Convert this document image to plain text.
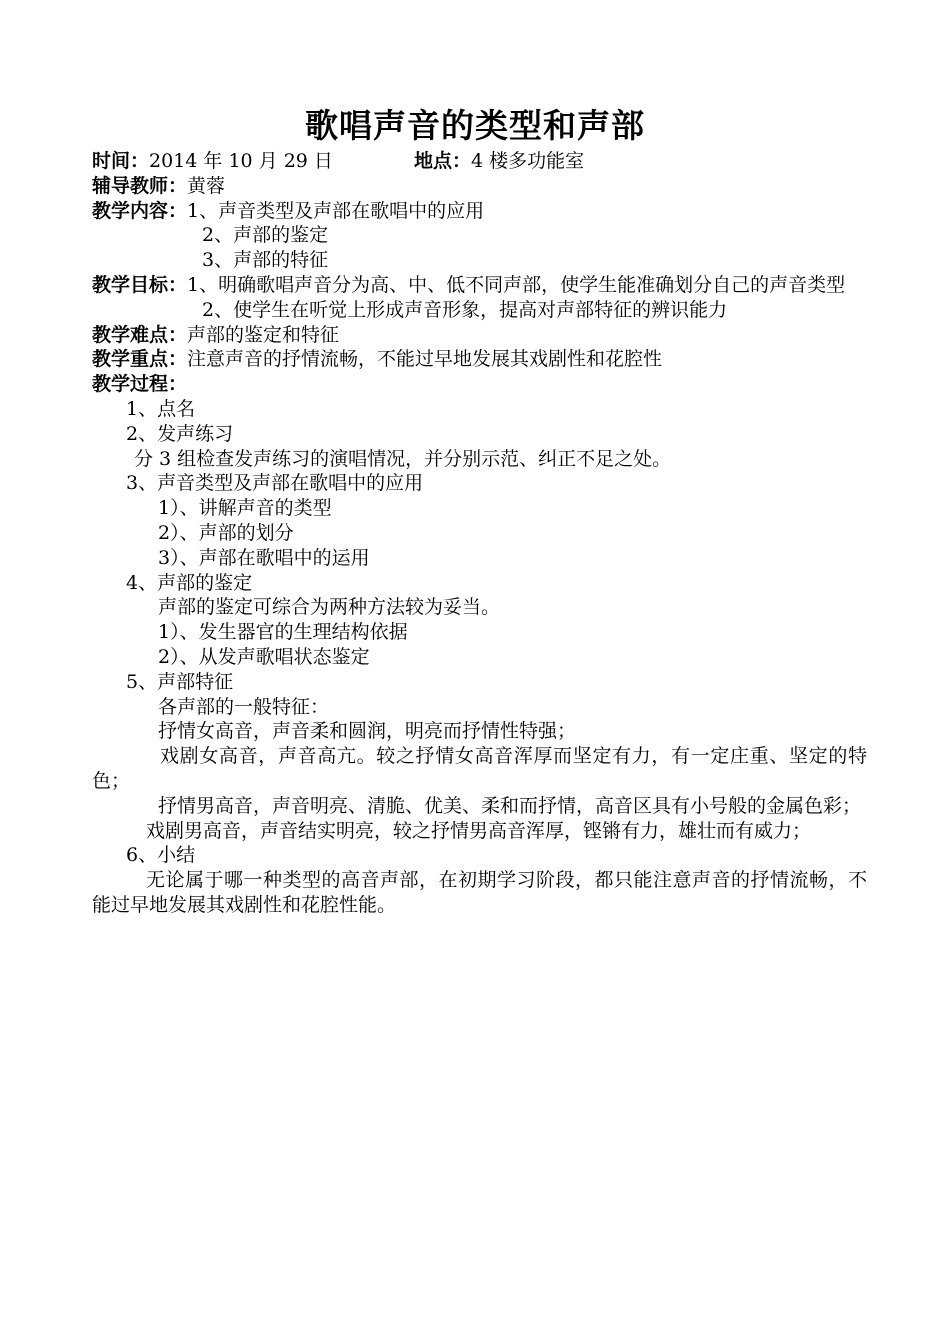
歌唱声音的类型和声部
时间：2014 年 10 月 29 日	地点：4 楼多功能室
辅导教师：黄蓉
教学内容：1、声音类型及声部在歌唱中的应用
2、声部的鉴定
3、声部的特征
教学目标： 1、明确歌唱声音分为高、中、低不同声部，使学生能准确划分自己的声音类型
2、使学生在听觉上形成声音形象，提高对声部特征的辨识能力
教学难点：声部的鉴定和特征
教学重点：注意声音的抒情流畅，不能过早地发展其戏剧性和花腔性
教学过程：
1、点名
2、发声练习
分 3 组检查发声练习的演唱情况，并分别示范、纠正不足之处。
3、声音类型及声部在歌唱中的应用
1）、讲解声音的类型
2）、声部的划分
3）、声部在歌唱中的运用
4、声部的鉴定
声部的鉴定可综合为两种方法较为妥当。
1）、发生器官的生理结构依据
2）、从发声歌唱状态鉴定
5、声部特征
各声部的一般特征：
抒情女高音，声音柔和圆润，明亮而抒情性特强；
戏剧女高音，声音高亢。较之抒情女高音浑厚而坚定有力，有一定庄重、坚定的特色；
抒情男高音，声音明亮、清脆、优美、柔和而抒情，高音区具有小号般的金属色彩；
戏剧男高音，声音结实明亮，较之抒情男高音浑厚，铿锵有力，雄壮而有威力；
6、小结
无论属于哪一种类型的高音声部，在初期学习阶段，都只能注意声音的抒情流畅，不能过早地发展其戏剧性和花腔性能。
